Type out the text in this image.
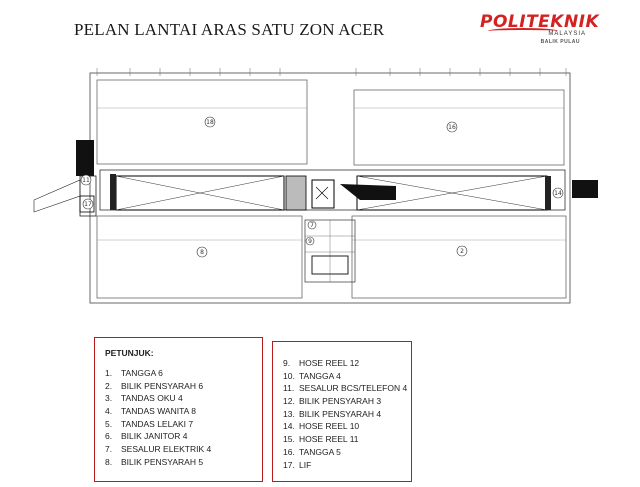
PELAN LANTAI ARAS SATU ZON ACER	POLITEKNIK
MALAYSIA
BALIK PULAU
18
16
8	2
11
14
17
7
9
PETUNJUK:
1. TANGGA 6
2. BILIK PENSYARAH 6
3. TANDAS OKU 4
4. TANDAS WANITA 8
5. TANDAS LELAKI 7
6. BILIK JANITOR 4
7. SESALUR ELEKTRIK 4
8. BILIK PENSYARAH 5
9. HOSE REEL 12
10. TANGGA 4
11. SESALUR BCS/TELEFON 4
12. BILIK PENSYARAH 3
13. BILIK PENSYARAH 4
14. HOSE REEL 10
15. HOSE REEL 11
16. TANGGA 5
17. LIF
